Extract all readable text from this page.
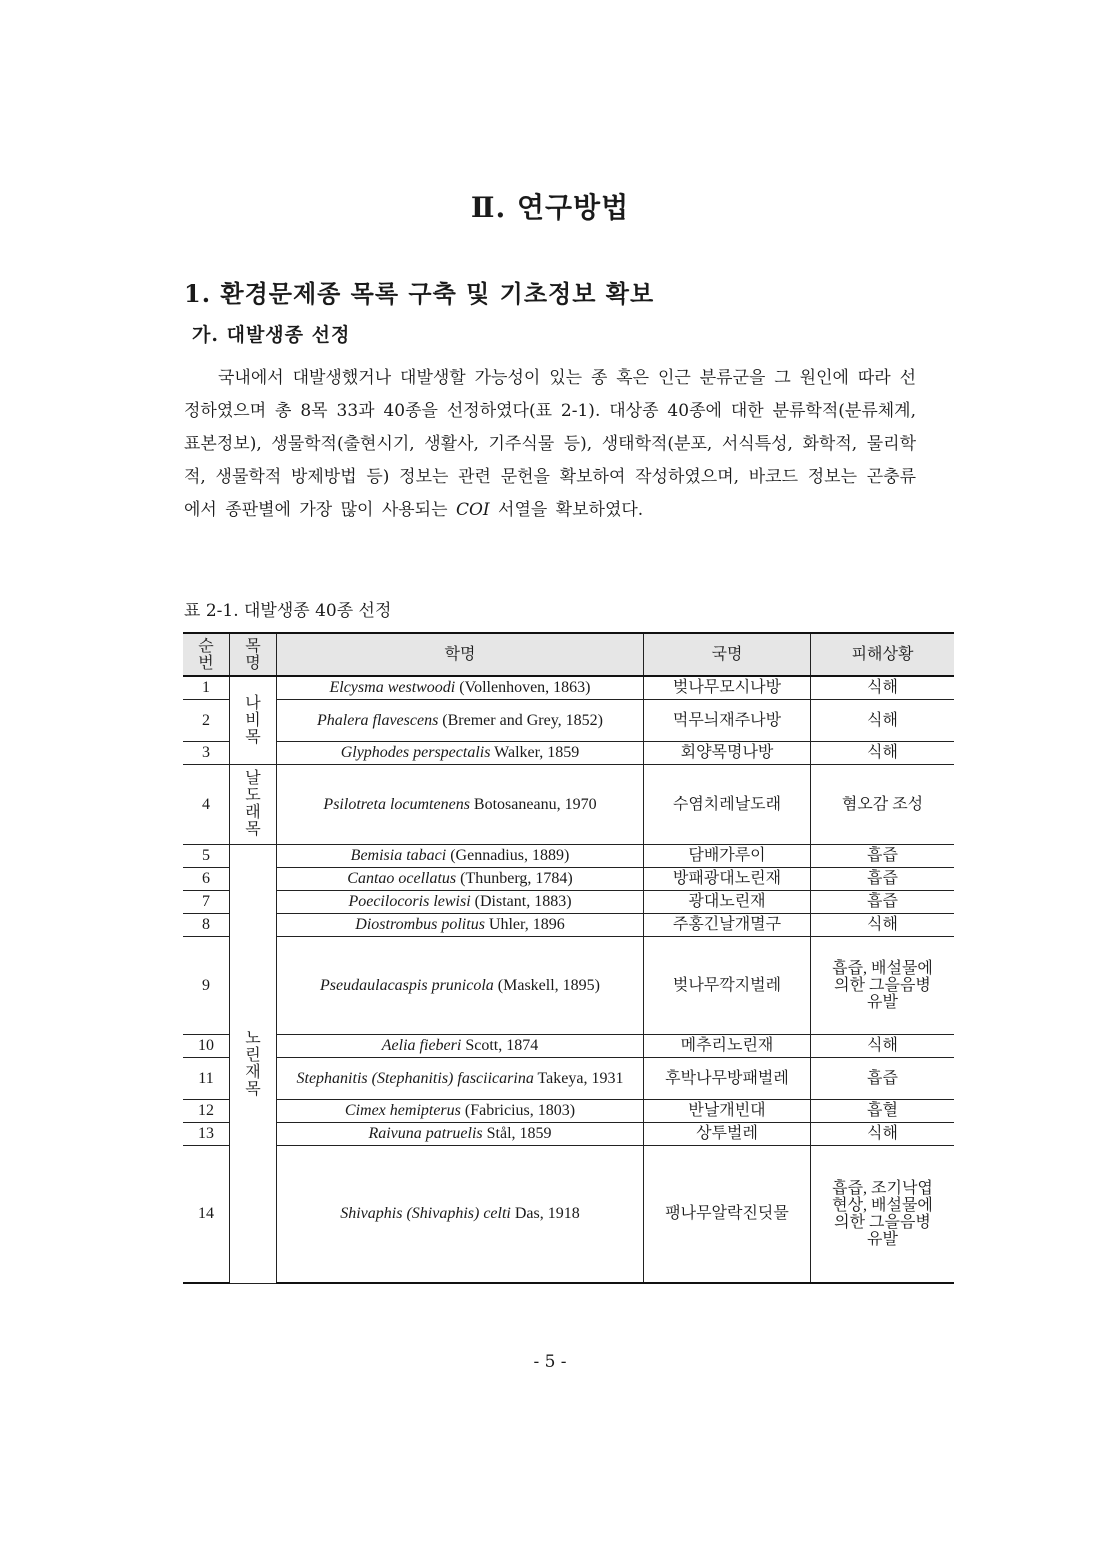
Ⅱ. 연구방법
1. 환경문제종 목록 구축 및 기초정보 확보
가. 대발생종 선정
국내에서 대발생했거나 대발생할 가능성이 있는 종 혹은 인근 분류군을 그 원인에 따라 선정하였으며 총 8목 33과 40종을 선정하였다(표 2-1). 대상종 40종에 대한 분류학적(분류체계, 표본정보), 생물학적(출현시기, 생활사, 기주식물 등), 생태학적(분포, 서식특성, 화학적, 물리학적, 생물학적 방제방법 등) 정보는 관련 문헌을 확보하여 작성하였으며, 바코드 정보는 곤충류에서 종판별에 가장 많이 사용되는 COI 서열을 확보하였다.
표 2-1. 대발생종 40종 선정
순번	목명	학명	국명	피해상황
1	나비목	Elcysma westwoodi (Vollenhoven, 1863)	벚나무모시나방	식해
2		Phalera flavescens (Bremer and Grey, 1852)	먹무늬재주나방	식해
3		Glyphodes perspectalis Walker, 1859	회양목명나방	식해
4	날도래목	Psilotreta locumtenens Botosaneanu, 1970	수염치레날도래	혐오감 조성
5	노린재목	Bemisia tabaci (Gennadius, 1889)	담배가루이	흡즙
6		Cantao ocellatus (Thunberg, 1784)	방패광대노린재	흡즙
7		Poecilocoris lewisi (Distant, 1883)	광대노린재	흡즙
8		Diostrombus politus Uhler, 1896	주홍긴날개멸구	식해
9		Pseudaulacaspis prunicola (Maskell, 1895)	벚나무깍지벌레	흡즙, 배설물에 의한 그을음병 유발
10		Aelia fieberi Scott, 1874	메추리노린재	식해
11		Stephanitis (Stephanitis) fasciicarina Takeya, 1931	후박나무방패벌레	흡즙
12		Cimex hemipterus (Fabricius, 1803)	반날개빈대	흡혈
13		Raivuna patruelis Stål, 1859	상투벌레	식해
14		Shivaphis (Shivaphis) celti Das, 1918	팽나무알락진딧물	흡즙, 조기낙엽 현상, 배설물에 의한 그을음병 유발
- 5 -
